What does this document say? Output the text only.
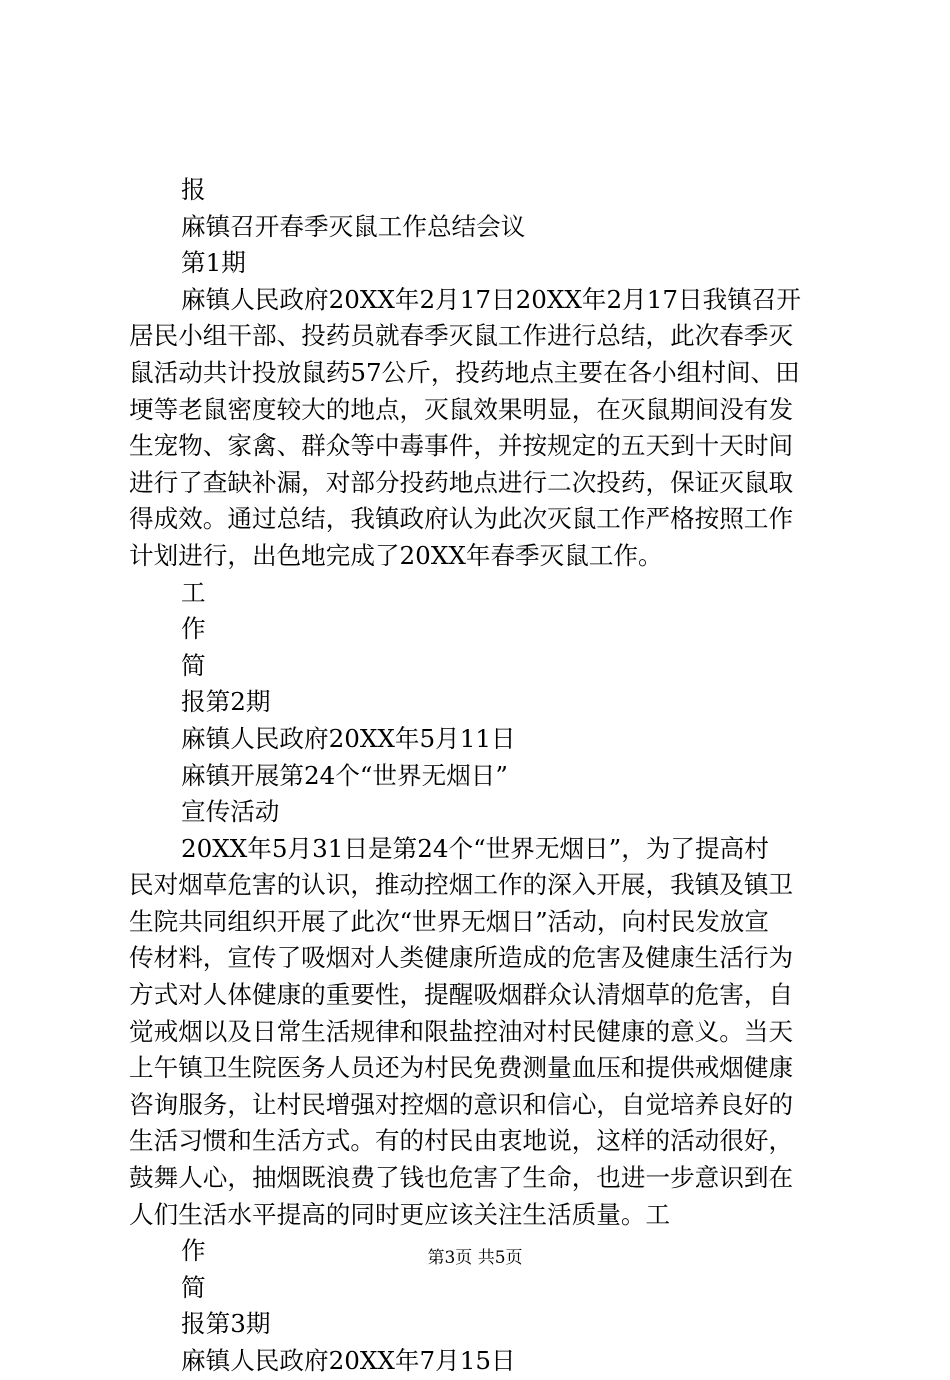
报
麻镇召开春季灭鼠工作总结会议
第1期
麻镇人民政府20XX年2月17日20XX年2月17日我镇召开
居民小组干部、投药员就春季灭鼠工作进行总结，此次春季灭
鼠活动共计投放鼠药57公斤，投药地点主要在各小组村间、田
埂等老鼠密度较大的地点，灭鼠效果明显，在灭鼠期间没有发
生宠物、家禽、群众等中毒事件，并按规定的五天到十天时间
进行了查缺补漏，对部分投药地点进行二次投药，保证灭鼠取
得成效。通过总结，我镇政府认为此次灭鼠工作严格按照工作
计划进行，出色地完成了20XX年春季灭鼠工作。
工
作
简
报第2期
麻镇人民政府20XX年5月11日
麻镇开展第24个“世界无烟日”
宣传活动
20XX年5月31日是第24个“世界无烟日”，为了提高村
民对烟草危害的认识，推动控烟工作的深入开展，我镇及镇卫
生院共同组织开展了此次“世界无烟日”活动，向村民发放宣
传材料，宣传了吸烟对人类健康所造成的危害及健康生活行为
方式对人体健康的重要性，提醒吸烟群众认清烟草的危害，自
觉戒烟以及日常生活规律和限盐控油对村民健康的意义。当天
上午镇卫生院医务人员还为村民免费测量血压和提供戒烟健康
咨询服务，让村民增强对控烟的意识和信心，自觉培养良好的
生活习惯和生活方式。有的村民由衷地说，这样的活动很好，
鼓舞人心，抽烟既浪费了钱也危害了生命，也进一步意识到在
人们生活水平提高的同时更应该关注生活质量。工
作
简
报第3期
麻镇人民政府20XX年7月15日
第3页 共5页
